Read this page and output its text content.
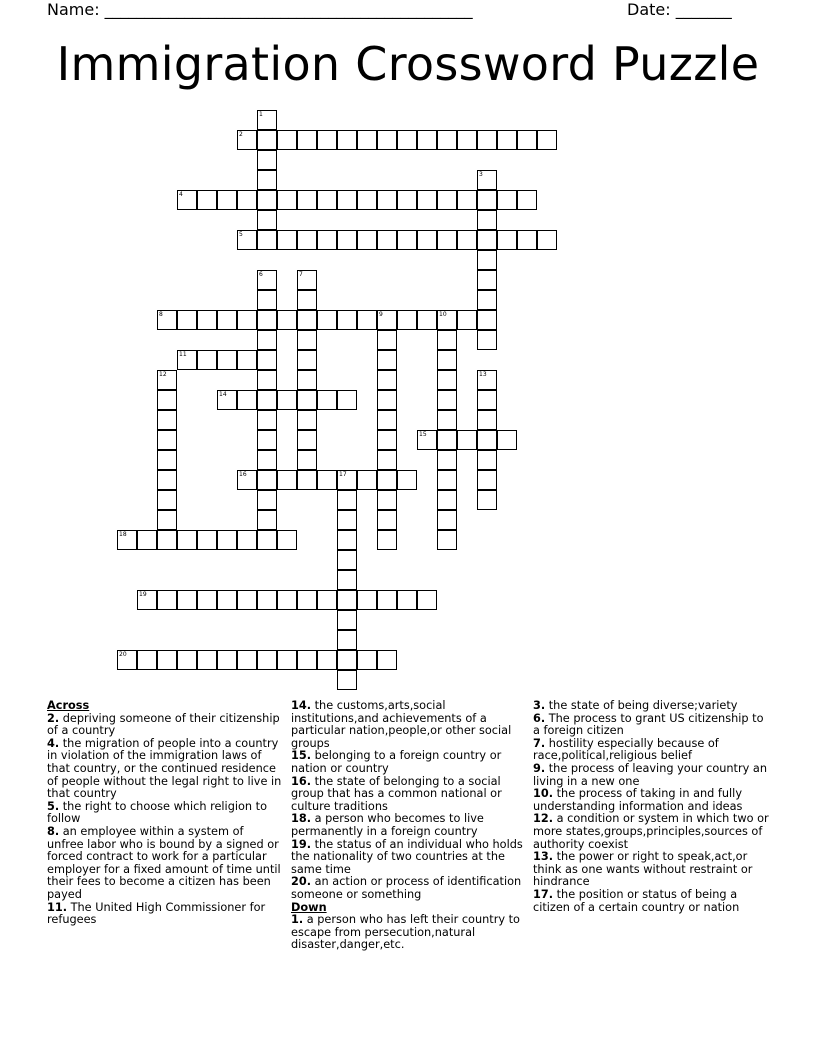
Name: ______________________________________________	Date: _______
Immigration Crossword Puzzle
2
4
5
8	9	10
11
14
15
16	17
18
19
20
1
3
6	7
12	13
Across
2. depriving someone of their citizenship of a country
4. the migration of people into a country in violation of the immigration laws of that country, or the continued residence of people without the legal right to live in that country
5. the right to choose which religion to follow
8. an employee within a system of unfree labor who is bound by a signed or forced contract to work for a particular employer for a fixed amount of time until their fees to become a citizen has been payed
11. The United High Commissioner for refugees
14. the customs,arts,social institutions,and achievements of a particular nation,people,or other social groups
15. belonging to a foreign country or nation or country
16. the state of belonging to a social group that has a common national or culture traditions
18. a person who becomes to live permanently in a foreign country
19. the status of an individual who holds the nationality of two countries at the same time
20. an action or process of identification someone or something
Down
1. a person who has left their country to escape from persecution,natural disaster,danger,etc.
3. the state of being diverse;variety
6. The process to grant US citizenship to a foreign citizen
7. hostility especially because of race,political,religious belief
9. the process of leaving your country an living in a new one
10. the process of taking in and fully understanding information and ideas
12. a condition or system in which two or more states,groups,principles,sources of authority coexist
13. the power or right to speak,act,or think as one wants without restraint or hindrance
17. the position or status of being a citizen of a certain country or nation
